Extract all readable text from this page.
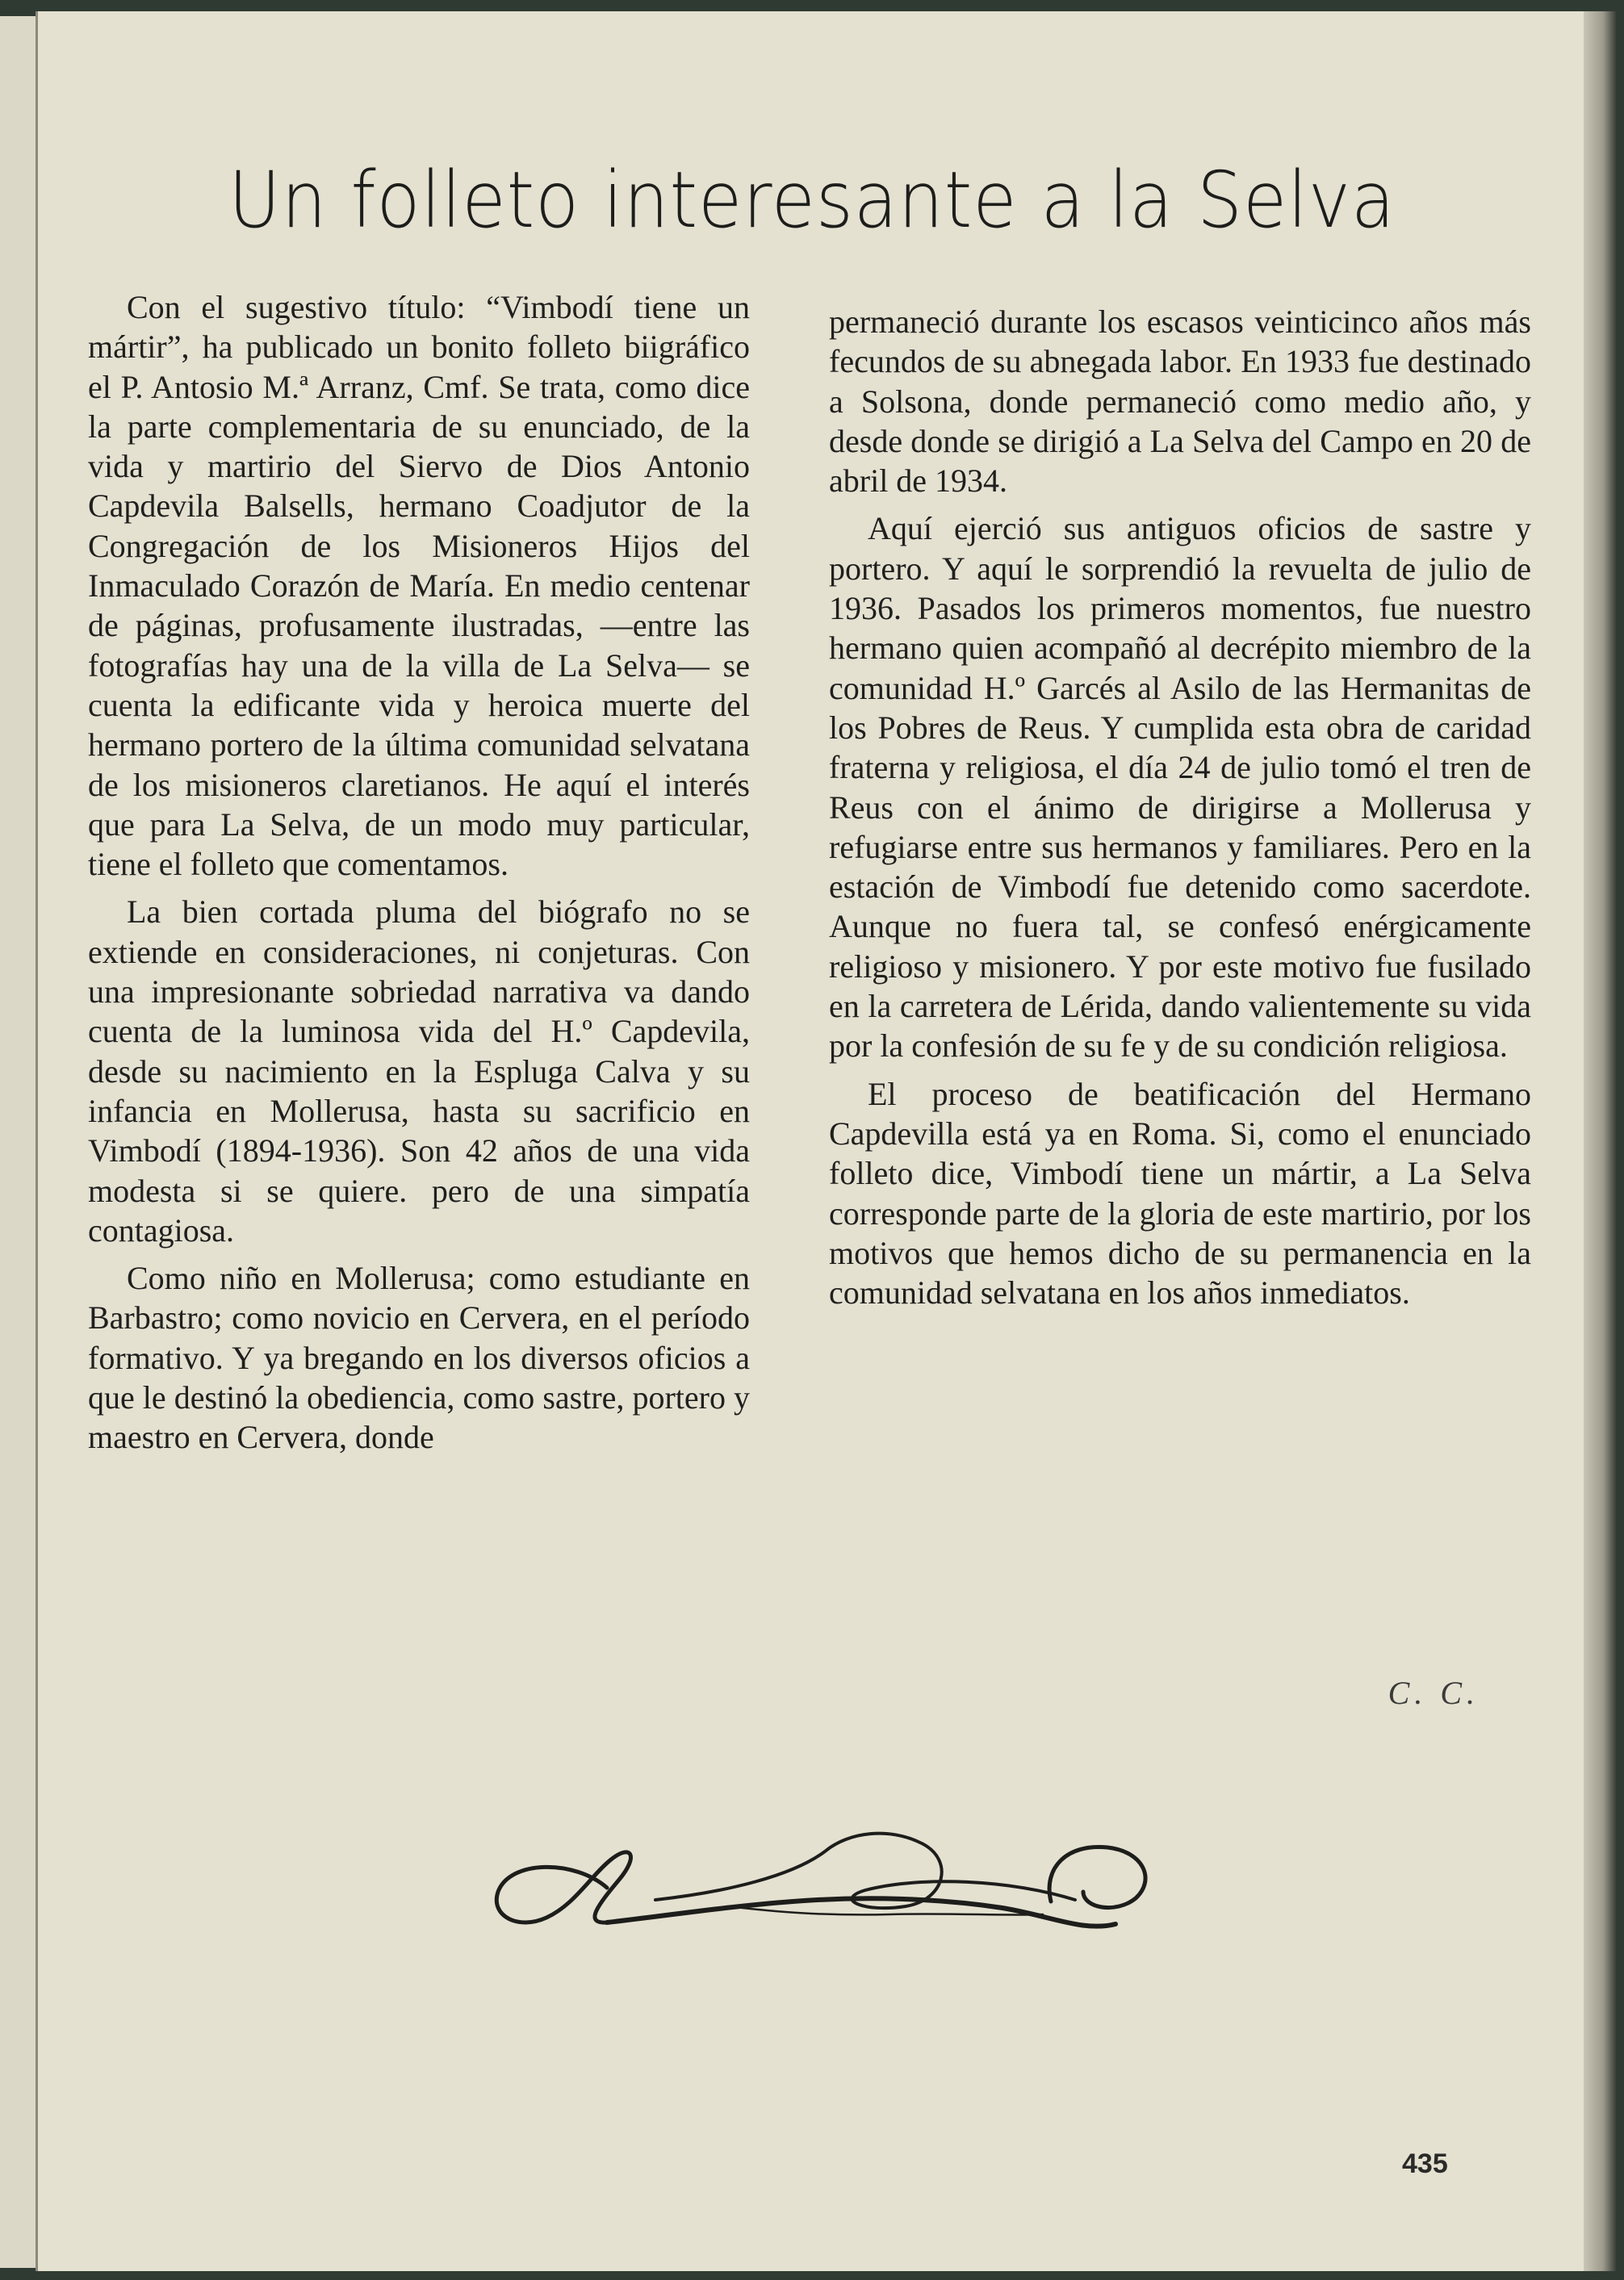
Un folleto interesante a la Selva

Con el sugestivo título: “Vimbodí tiene un mártir”, ha publicado un bonito folleto biigráfico el P. Antosio M.ª Arranz, Cmf. Se trata, como dice la parte complementaria de su enunciado, de la vida y martirio del Siervo de Dios Antonio Capdevila Balsells, hermano Coadjutor de la Congregación de los Misioneros Hijos del Inmaculado Corazón de María. En medio centenar de páginas, profusamente ilustradas, —entre las fotografías hay una de la villa de La Selva— se cuenta la edificante vida y heroica muerte del hermano portero de la última comunidad selvatana de los misioneros claretianos. He aquí el interés que para La Selva, de un modo muy particular, tiene el folleto que comentamos.

La bien cortada pluma del biógrafo no se extiende en consideraciones, ni conjeturas. Con una impresionante sobriedad narrativa va dando cuenta de la luminosa vida del H.º Capdevila, desde su nacimiento en la Espluga Calva y su infancia en Mollerusa, hasta su sacrificio en Vimbodí (1894-1936). Son 42 años de una vida modesta si se quiere. pero de una simpatía contagiosa.

Como niño en Mollerusa; como estudiante en Barbastro; como novicio en Cervera, en el período formativo. Y ya bregando en los diversos oficios a que le destinó la obediencia, como sastre, portero y maestro en Cervera, donde

permaneció durante los escasos veinticinco años más fecundos de su abnegada labor. En 1933 fue destinado a Solsona, donde permaneció como medio año, y desde donde se dirigió a La Selva del Campo en 20 de abril de 1934.

Aquí ejerció sus antiguos oficios de sastre y portero. Y aquí le sorprendió la revuelta de julio de 1936. Pasados los primeros momentos, fue nuestro hermano quien acompañó al decrépito miembro de la comunidad H.º Garcés al Asilo de las Hermanitas de los Pobres de Reus. Y cumplida esta obra de caridad fraterna y religiosa, el día 24 de julio tomó el tren de Reus con el ánimo de dirigirse a Mollerusa y refugiarse entre sus hermanos y familiares. Pero en la estación de Vimbodí fue detenido como sacerdote. Aunque no fuera tal, se confesó enérgicamente religioso y misionero. Y por este motivo fue fusilado en la carretera de Lérida, dando valientemente su vida por la confesión de su fe y de su condición religiosa.

El proceso de beatificación del Hermano Capdevilla está ya en Roma. Si, como el enunciado folleto dice, Vimbodí tiene un mártir, a La Selva corresponde parte de la gloria de este martirio, por los motivos que hemos dicho de su permanencia en la comunidad selvatana en los años inmediatos.

C. C.
435
